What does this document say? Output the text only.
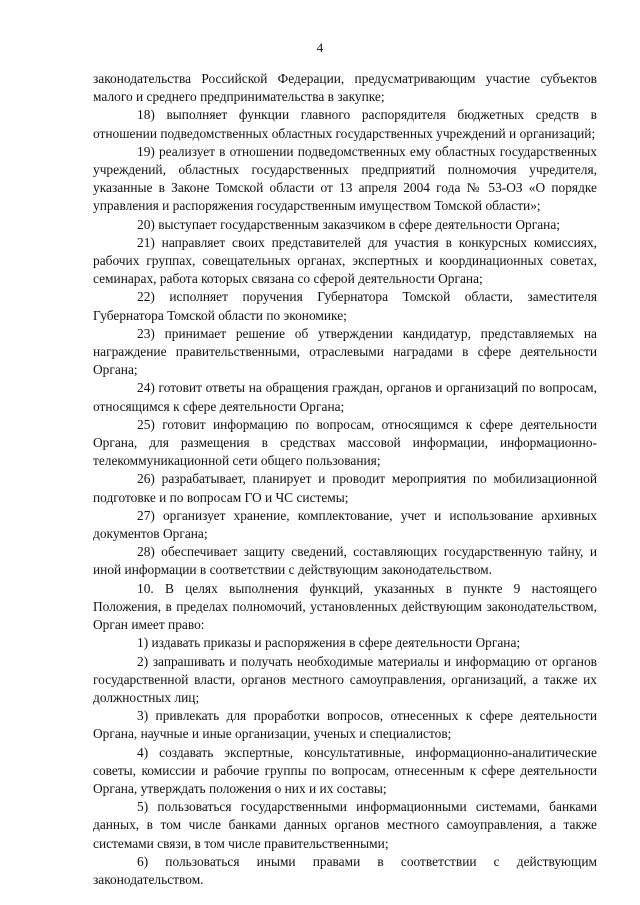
4

законодательства Российской Федерации, предусматривающим участие субъектов малого и среднего предпринимательства в закупке;

18) выполняет функции главного распорядителя бюджетных средств в отношении подведомственных областных государственных учреждений и организаций;

19) реализует в отношении подведомственных ему областных государственных учреждений, областных государственных предприятий полномочия учредителя, указанные в Законе Томской области от 13 апреля 2004 года № 53-ОЗ «О порядке управления и распоряжения государственным имуществом Томской области»;

20) выступает государственным заказчиком в сфере деятельности Органа;

21) направляет своих представителей для участия в конкурсных комиссиях, рабочих группах, совещательных органах, экспертных и координационных советах, семинарах, работа которых связана со сферой деятельности Органа;

22) исполняет поручения Губернатора Томской области, заместителя Губернатора Томской области по экономике;

23) принимает решение об утверждении кандидатур, представляемых на награждение правительственными, отраслевыми наградами в сфере деятельности Органа;

24) готовит ответы на обращения граждан, органов и организаций по вопросам, относящимся к сфере деятельности Органа;

25) готовит информацию по вопросам, относящимся к сфере деятельности Органа, для размещения в средствах массовой информации, информационно-телекоммуникационной сети общего пользования;

26) разрабатывает, планирует и проводит мероприятия по мобилизационной подготовке и по вопросам ГО и ЧС системы;

27) организует хранение, комплектование, учет и использование архивных документов Органа;

28) обеспечивает защиту сведений, составляющих государственную тайну, и иной информации в соответствии с действующим законодательством.

10. В целях выполнения функций, указанных в пункте 9 настоящего Положения, в пределах полномочий, установленных действующим законодательством, Орган имеет право:

1) издавать приказы и распоряжения в сфере деятельности Органа;

2) запрашивать и получать необходимые материалы и информацию от органов государственной власти, органов местного самоуправления, организаций, а также их должностных лиц;

3) привлекать для проработки вопросов, отнесенных к сфере деятельности Органа, научные и иные организации, ученых и специалистов;

4) создавать экспертные, консультативные, информационно-аналитические советы, комиссии и рабочие группы по вопросам, отнесенным к сфере деятельности Органа, утверждать положения о них и их составы;

5) пользоваться государственными информационными системами, банками данных, в том числе банками данных органов местного самоуправления, а также системами связи, в том числе правительственными;

6) пользоваться иными правами в соответствии с действующим законодательством.
